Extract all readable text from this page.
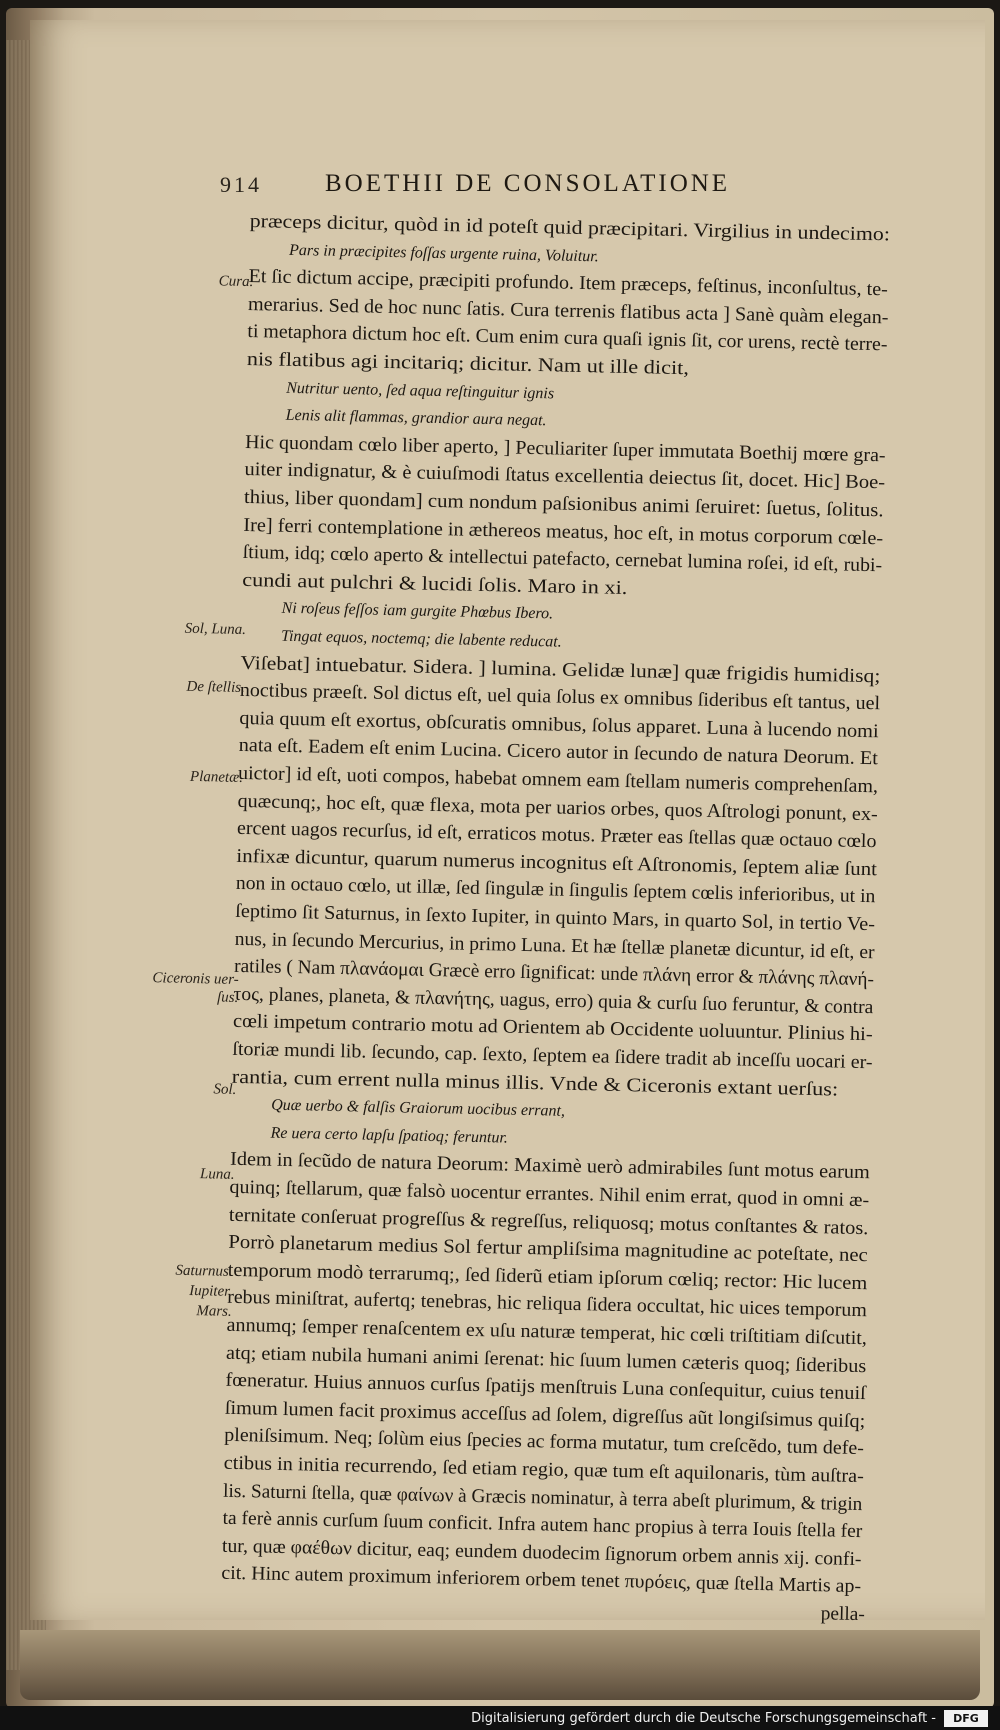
914	BOETHII DE CONSOLATIONE
præceps dicitur, quòd in id poteſt quid præcipitari. Virgilius in undecimo:
Pars in præcipites foſſas urgente ruina, Voluitur.
Et ſic dictum accipe, præcipiti profundo. Item præceps, feſtinus, inconſultus, te-
merarius. Sed de hoc nunc ſatis. Cura terrenis flatibus acta ] Sanè quàm elegan-
ti metaphora dictum hoc eſt. Cum enim cura quaſi ignis ſit, cor urens, rectè terre-
nis flatibus agi incitariq; dicitur. Nam ut ille dicit,
Nutritur uento, ſed aqua reſtinguitur ignis
Lenis alit flammas, grandior aura negat.
Hic quondam cœlo liber aperto, ] Peculiariter ſuper immutata Boethij mœre gra-
uiter indignatur, & è cuiuſmodi ſtatus excellentia deiectus ſit, docet. Hic] Boe-
thius, liber quondam] cum nondum paſsionibus animi ſeruiret: ſuetus, ſolitus.
Ire] ferri contemplatione in æthereos meatus, hoc eſt, in motus corporum cœle-
ſtium, idq; cœlo aperto & intellectui patefacto, cernebat lumina roſei, id eſt, rubi-
cundi aut pulchri & lucidi ſolis. Maro in xi.
Ni roſeus feſſos iam gurgite Phœbus Ibero.
Tingat equos, noctemq; die labente reducat.
Viſebat] intuebatur. Sidera. ] lumina. Gelidæ lunæ] quæ frigidis humidisq;
noctibus præeſt. Sol dictus eſt, uel quia ſolus ex omnibus ſideribus eſt tantus, uel
quia quum eſt exortus, obſcuratis omnibus, ſolus apparet. Luna à lucendo nomi
nata eſt. Eadem eſt enim Lucina. Cicero autor in ſecundo de natura Deorum. Et
uictor] id eſt, uoti compos, habebat omnem eam ſtellam numeris comprehenſam,
quæcunq;, hoc eſt, quæ flexa, mota per uarios orbes, quos Aſtrologi ponunt, ex-
ercent uagos recurſus, id eſt, erraticos motus. Præter eas ſtellas quæ octauo cœlo
infixæ dicuntur, quarum numerus incognitus eſt Aſtronomis, ſeptem aliæ ſunt
non in octauo cœlo, ut illæ, ſed ſingulæ in ſingulis ſeptem cœlis inferioribus, ut in
ſeptimo ſit Saturnus, in ſexto Iupiter, in quinto Mars, in quarto Sol, in tertio Ve-
nus, in ſecundo Mercurius, in primo Luna. Et hæ ſtellæ planetæ dicuntur, id eſt, er
ratiles ( Nam πλανάομαι Græcè erro ſignificat: unde πλάνη error & πλάνης πλανή-
τος, planes, planeta, & πλανήτης, uagus, erro) quia & curſu ſuo feruntur, & contra
cœli impetum contrario motu ad Orientem ab Occidente uoluuntur. Plinius hi-
ſtoriæ mundi lib. ſecundo, cap. ſexto, ſeptem ea ſidere tradit ab inceſſu uocari er-
rantia, cum errent nulla minus illis. Vnde & Ciceronis extant uerſus:
Quæ uerbo & falſis Graiorum uocibus errant,
Re uera certo lapſu ſpatioq; feruntur.
Idem in ſecũdo de natura Deorum: Maximè uerò admirabiles ſunt motus earum
quinq; ſtellarum, quæ falsò uocentur errantes. Nihil enim errat, quod in omni æ-
ternitate conſeruat progreſſus & regreſſus, reliquosq; motus conſtantes & ratos.
Porrò planetarum medius Sol fertur ampliſsima magnitudine ac poteſtate, nec
temporum modò terrarumq;, ſed ſiderũ etiam ipſorum cœliq; rector: Hic lucem
rebus miniſtrat, aufertq; tenebras, hic reliqua ſidera occultat, hic uices temporum
annumq; ſemper renaſcentem ex uſu naturæ temperat, hic cœli triſtitiam diſcutit,
atq; etiam nubila humani animi ſerenat: hic ſuum lumen cæteris quoq; ſideribus
fœneratur. Huius annuos curſus ſpatijs menſtruis Luna conſequitur, cuius tenuiſ
ſimum lumen facit proximus acceſſus ad ſolem, digreſſus aũt longiſsimus quiſq;
pleniſsimum. Neq; ſolùm eius ſpecies ac forma mutatur, tum creſcẽdo, tum defe-
ctibus in initia recurrendo, ſed etiam regio, quæ tum eſt aquilonaris, tùm auſtra-
lis. Saturni ſtella, quæ φαίνων à Græcis nominatur, à terra abeſt plurimum, & trigin
ta ferè annis curſum ſuum conficit. Infra autem hanc propius à terra Iouis ſtella fer
tur, quæ φαέθων dicitur, eaq; eundem duodecim ſignorum orbem annis xij. confi-
cit. Hinc autem proximum inferiorem orbem tenet πυρόεις, quæ ſtella Martis ap-
pella-
Cura.
Sol, Luna.
De ſtellis.
Planetæ.
Ciceronis uer-
ſus.
Sol.
Luna.
Saturnus.
Iupiter.
Mars.
Digitalisierung gefördert durch die Deutsche Forschungsgemeinschaft -	DFG
